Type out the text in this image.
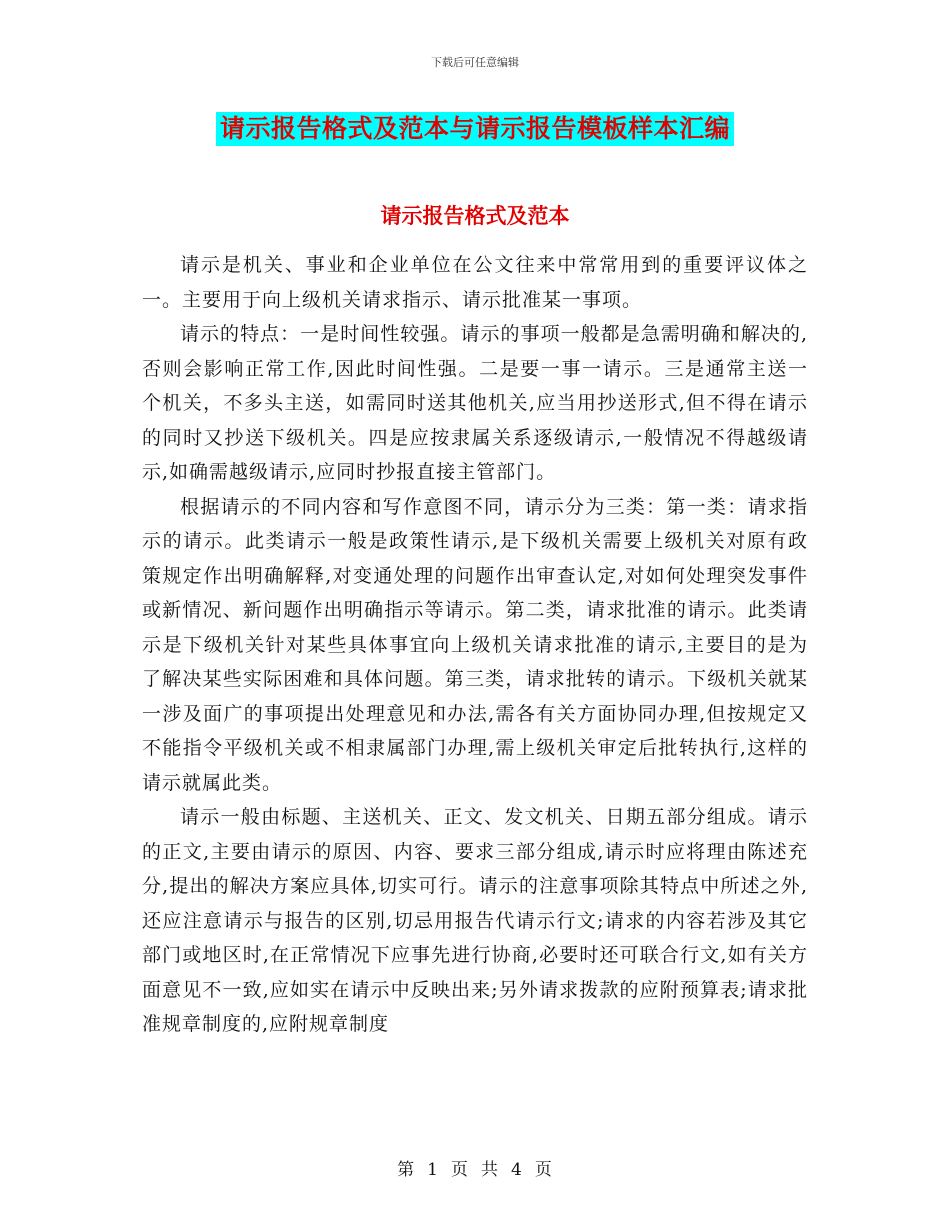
下载后可任意编辑
请示报告格式及范本与请示报告模板样本汇编
请示报告格式及范本

请示是机关、事业和企业单位在公文往来中常常用到的重要评议体之一。主要用于向上级机关请求指示、请示批准某一事项。

请示的特点：一是时间性较强。请示的事项一般都是急需明确和解决的,否则会影响正常工作,因此时间性强。二是要一事一请示。三是通常主送一个机关，不多头主送，如需同时送其他机关,应当用抄送形式,但不得在请示的同时又抄送下级机关。四是应按隶属关系逐级请示,一般情况不得越级请示,如确需越级请示,应同时抄报直接主管部门。

根据请示的不同内容和写作意图不同，请示分为三类：第一类：请求指示的请示。此类请示一般是政策性请示,是下级机关需要上级机关对原有政策规定作出明确解释,对变通处理的问题作出审查认定,对如何处理突发事件或新情况、新问题作出明确指示等请示。第二类，请求批准的请示。此类请示是下级机关针对某些具体事宜向上级机关请求批准的请示,主要目的是为了解决某些实际困难和具体问题。第三类，请求批转的请示。下级机关就某一涉及面广的事项提出处理意见和办法,需各有关方面协同办理,但按规定又不能指令平级机关或不相隶属部门办理,需上级机关审定后批转执行,这样的请示就属此类。

请示一般由标题、主送机关、正文、发文机关、日期五部分组成。请示的正文,主要由请示的原因、内容、要求三部分组成,请示时应将理由陈述充分,提出的解决方案应具体,切实可行。请示的注意事项除其特点中所述之外,还应注意请示与报告的区别,切忌用报告代请示行文;请求的内容若涉及其它部门或地区时,在正常情况下应事先进行协商,必要时还可联合行文,如有关方面意见不一致,应如实在请示中反映出来;另外请求拨款的应附预算表;请求批准规章制度的,应附规章制度

第 1 页 共 4 页
